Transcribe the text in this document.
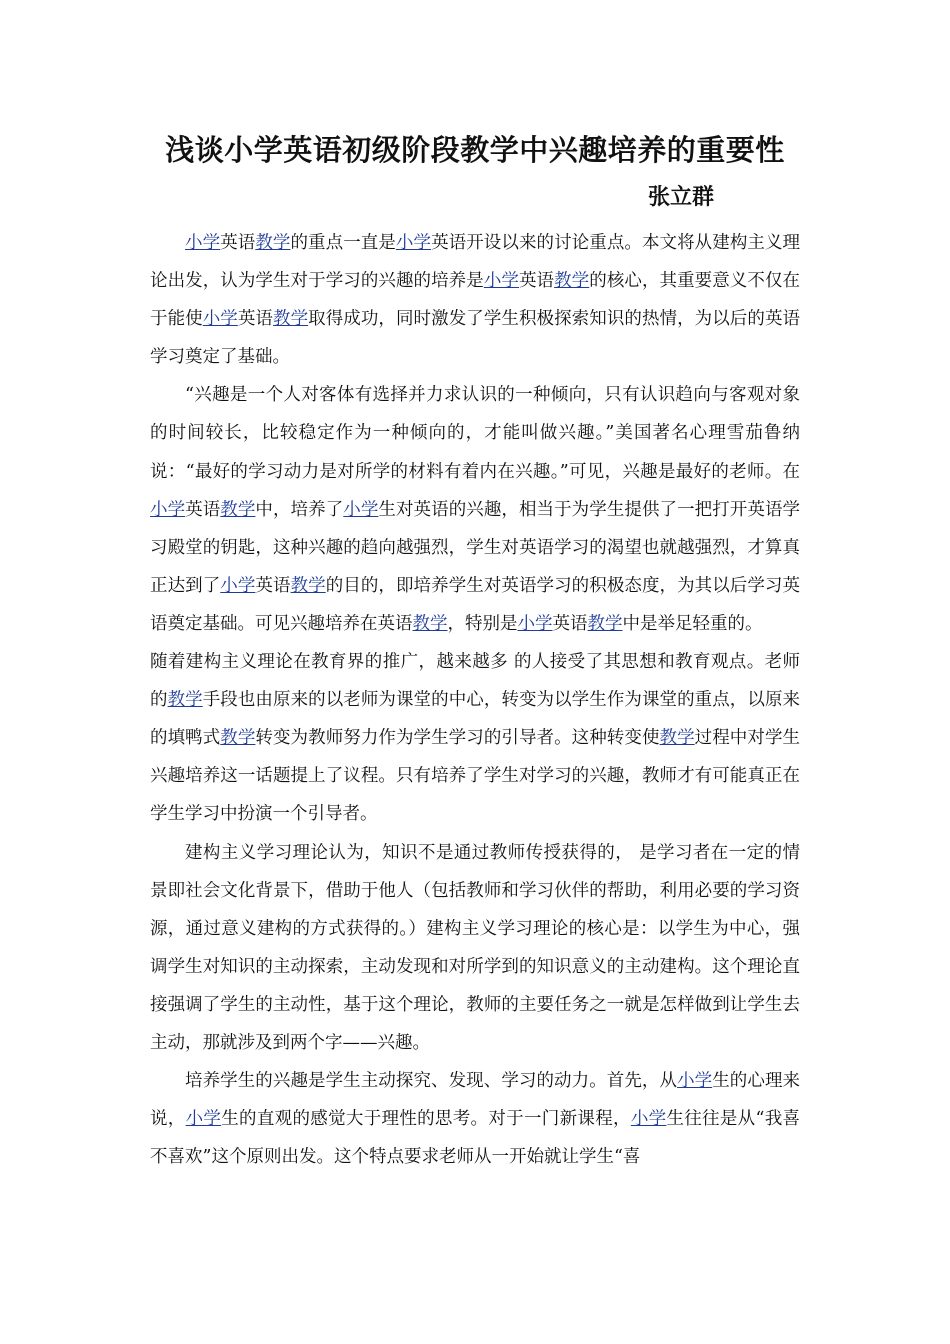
浅谈小学英语初级阶段教学中兴趣培养的重要性
张立群

小学英语教学的重点一直是小学英语开设以来的讨论重点。本文将从建构主义理论出发，认为学生对于学习的兴趣的培养是小学英语教学的核心，其重要意义不仅在于能使小学英语教学取得成功，同时激发了学生积极探索知识的热情，为以后的英语学习奠定了基础。

“兴趣是一个人对客体有选择并力求认识的一种倾向，只有认识趋向与客观对象的时间较长，比较稳定作为一种倾向的，才能叫做兴趣。”美国著名心理雪茄鲁纳说：“最好的学习动力是对所学的材料有着内在兴趣。”可见，兴趣是最好的老师。在小学英语教学中，培养了小学生对英语的兴趣，相当于为学生提供了一把打开英语学习殿堂的钥匙，这种兴趣的趋向越强烈，学生对英语学习的渴望也就越强烈，才算真正达到了小学英语教学的目的，即培养学生对英语学习的积极态度，为其以后学习英语奠定基础。可见兴趣培养在英语教学，特别是小学英语教学中是举足轻重的。

随着建构主义理论在教育界的推广，越来越多 的人接受了其思想和教育观点。老师的教学手段也由原来的以老师为课堂的中心，转变为以学生作为课堂的重点，以原来的填鸭式教学转变为教师努力作为学生学习的引导者。这种转变使教学过程中对学生兴趣培养这一话题提上了议程。只有培养了学生对学习的兴趣，教师才有可能真正在学生学习中扮演一个引导者。

建构主义学习理论认为，知识不是通过教师传授获得的， 是学习者在一定的情景即社会文化背景下，借助于他人（包括教师和学习伙伴的帮助，利用必要的学习资源，通过意义建构的方式获得的。）建构主义学习理论的核心是：以学生为中心，强调学生对知识的主动探索，主动发现和对所学到的知识意义的主动建构。这个理论直接强调了学生的主动性，基于这个理论，教师的主要任务之一就是怎样做到让学生去主动，那就涉及到两个字——兴趣。

培养学生的兴趣是学生主动探究、发现、学习的动力。首先，从小学生的心理来说，小学生的直观的感觉大于理性的思考。对于一门新课程，小学生往往是从“我喜不喜欢”这个原则出发。这个特点要求老师从一开始就让学生“喜
